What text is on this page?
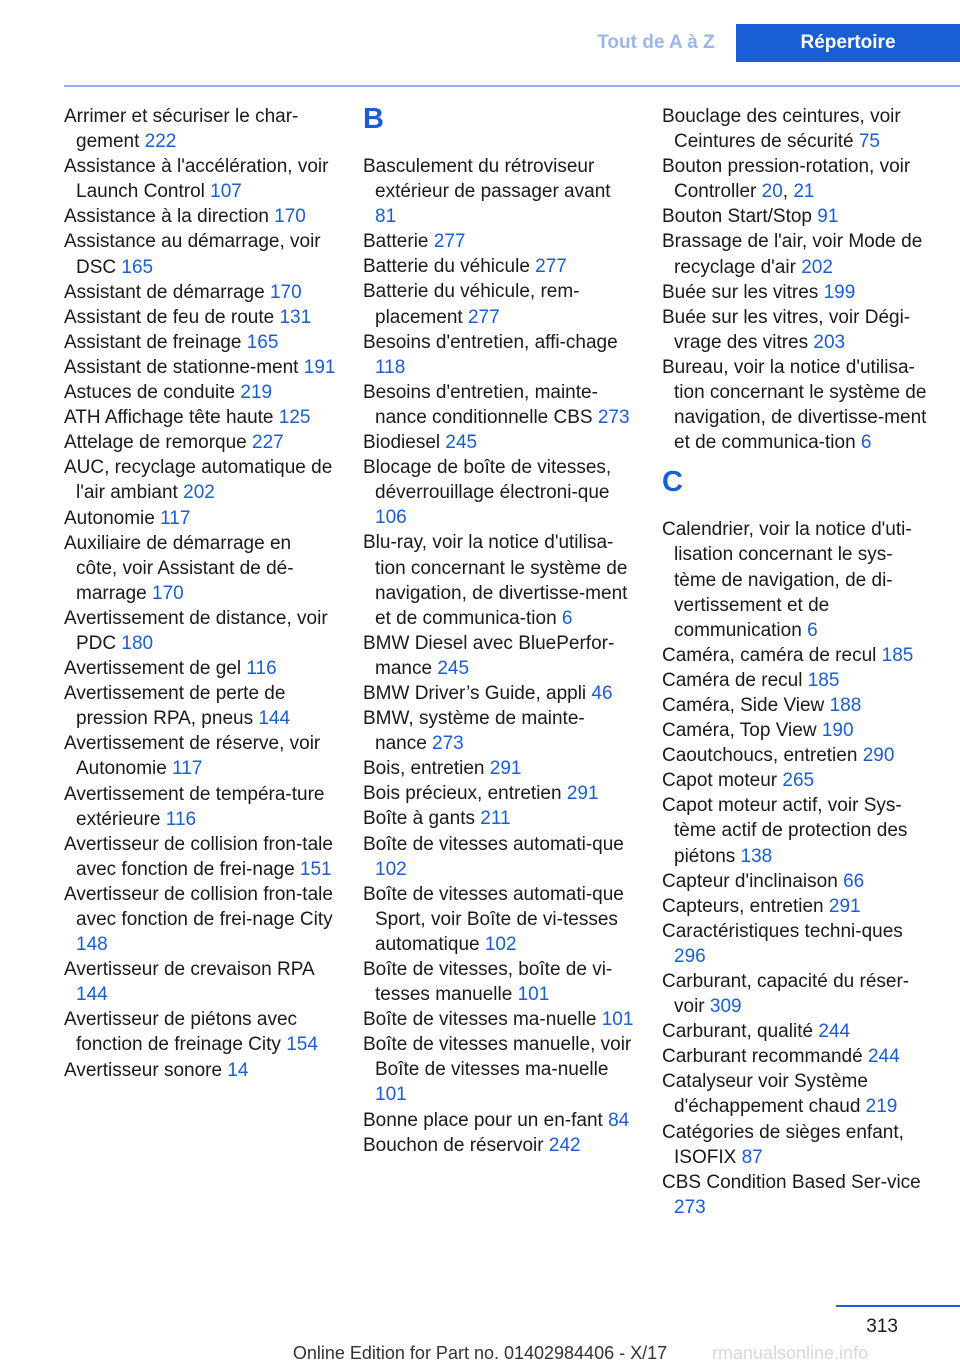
Tout de A à Z	Répertoire
Arrimer et sécuriser le char‐gement 222
Assistance à l'accélération, voir Launch Control 107
Assistance à la direction 170
Assistance au démarrage, voir DSC 165
Assistant de démarrage 170
Assistant de feu de route 131
Assistant de freinage 165
Assistant de stationne‐ment 191
Astuces de conduite 219
ATH Affichage tête haute 125
Attelage de remorque 227
AUC, recyclage automatique de l'air ambiant 202
Autonomie 117
Auxiliaire de démarrage en côte, voir Assistant de dé‐marrage 170
Avertissement de distance, voir PDC 180
Avertissement de gel 116
Avertissement de perte de pression RPA, pneus 144
Avertissement de réserve, voir Autonomie 117
Avertissement de tempéra‐ture extérieure 116
Avertisseur de collision fron‐tale avec fonction de frei‐nage 151
Avertisseur de collision fron‐tale avec fonction de frei‐nage City 148
Avertisseur de crevaison RPA 144
Avertisseur de piétons avec fonction de freinage City 154
Avertisseur sonore 14
B
Basculement du rétroviseur extérieur de passager avant 81
Batterie 277
Batterie du véhicule 277
Batterie du véhicule, rem‐placement 277
Besoins d'entretien, affi‐chage 118
Besoins d'entretien, mainte‐nance conditionnelle CBS 273
Biodiesel 245
Blocage de boîte de vitesses, déverrouillage électroni‐que 106
Blu-ray, voir la notice d'utilisa‐tion concernant le système de navigation, de divertisse‐ment et de communica‐tion 6
BMW Diesel avec BluePerfor‐mance 245
BMW Driver’s Guide, appli 46
BMW, système de mainte‐nance 273
Bois, entretien 291
Bois précieux, entretien 291
Boîte à gants 211
Boîte de vitesses automati‐que 102
Boîte de vitesses automati‐que Sport, voir Boîte de vi‐tesses automatique 102
Boîte de vitesses, boîte de vi‐tesses manuelle 101
Boîte de vitesses ma‐nuelle 101
Boîte de vitesses manuelle, voir Boîte de vitesses ma‐nuelle 101
Bonne place pour un en‐fant 84
Bouchon de réservoir 242
Bouclage des ceintures, voir Ceintures de sécurité 75
Bouton pression-rotation, voir Controller 20, 21
Bouton Start/Stop 91
Brassage de l'air, voir Mode de recyclage d'air 202
Buée sur les vitres 199
Buée sur les vitres, voir Dégi‐vrage des vitres 203
Bureau, voir la notice d'utilisa‐tion concernant le système de navigation, de divertisse‐ment et de communica‐tion 6
C
Calendrier, voir la notice d'uti‐lisation concernant le sys‐tème de navigation, de di‐vertissement et de communication 6
Caméra, caméra de recul 185
Caméra de recul 185
Caméra, Side View 188
Caméra, Top View 190
Caoutchoucs, entretien 290
Capot moteur 265
Capot moteur actif, voir Sys‐tème actif de protection des piétons 138
Capteur d'inclinaison 66
Capteurs, entretien 291
Caractéristiques techni‐ques 296
Carburant, capacité du réser‐voir 309
Carburant, qualité 244
Carburant recommandé 244
Catalyseur voir Système d'échappement chaud 219
Catégories de sièges enfant, ISOFIX 87
CBS Condition Based Ser‐vice 273
313
rmanualsonline.info
Online Edition for Part no. 01402984406 - X/17
